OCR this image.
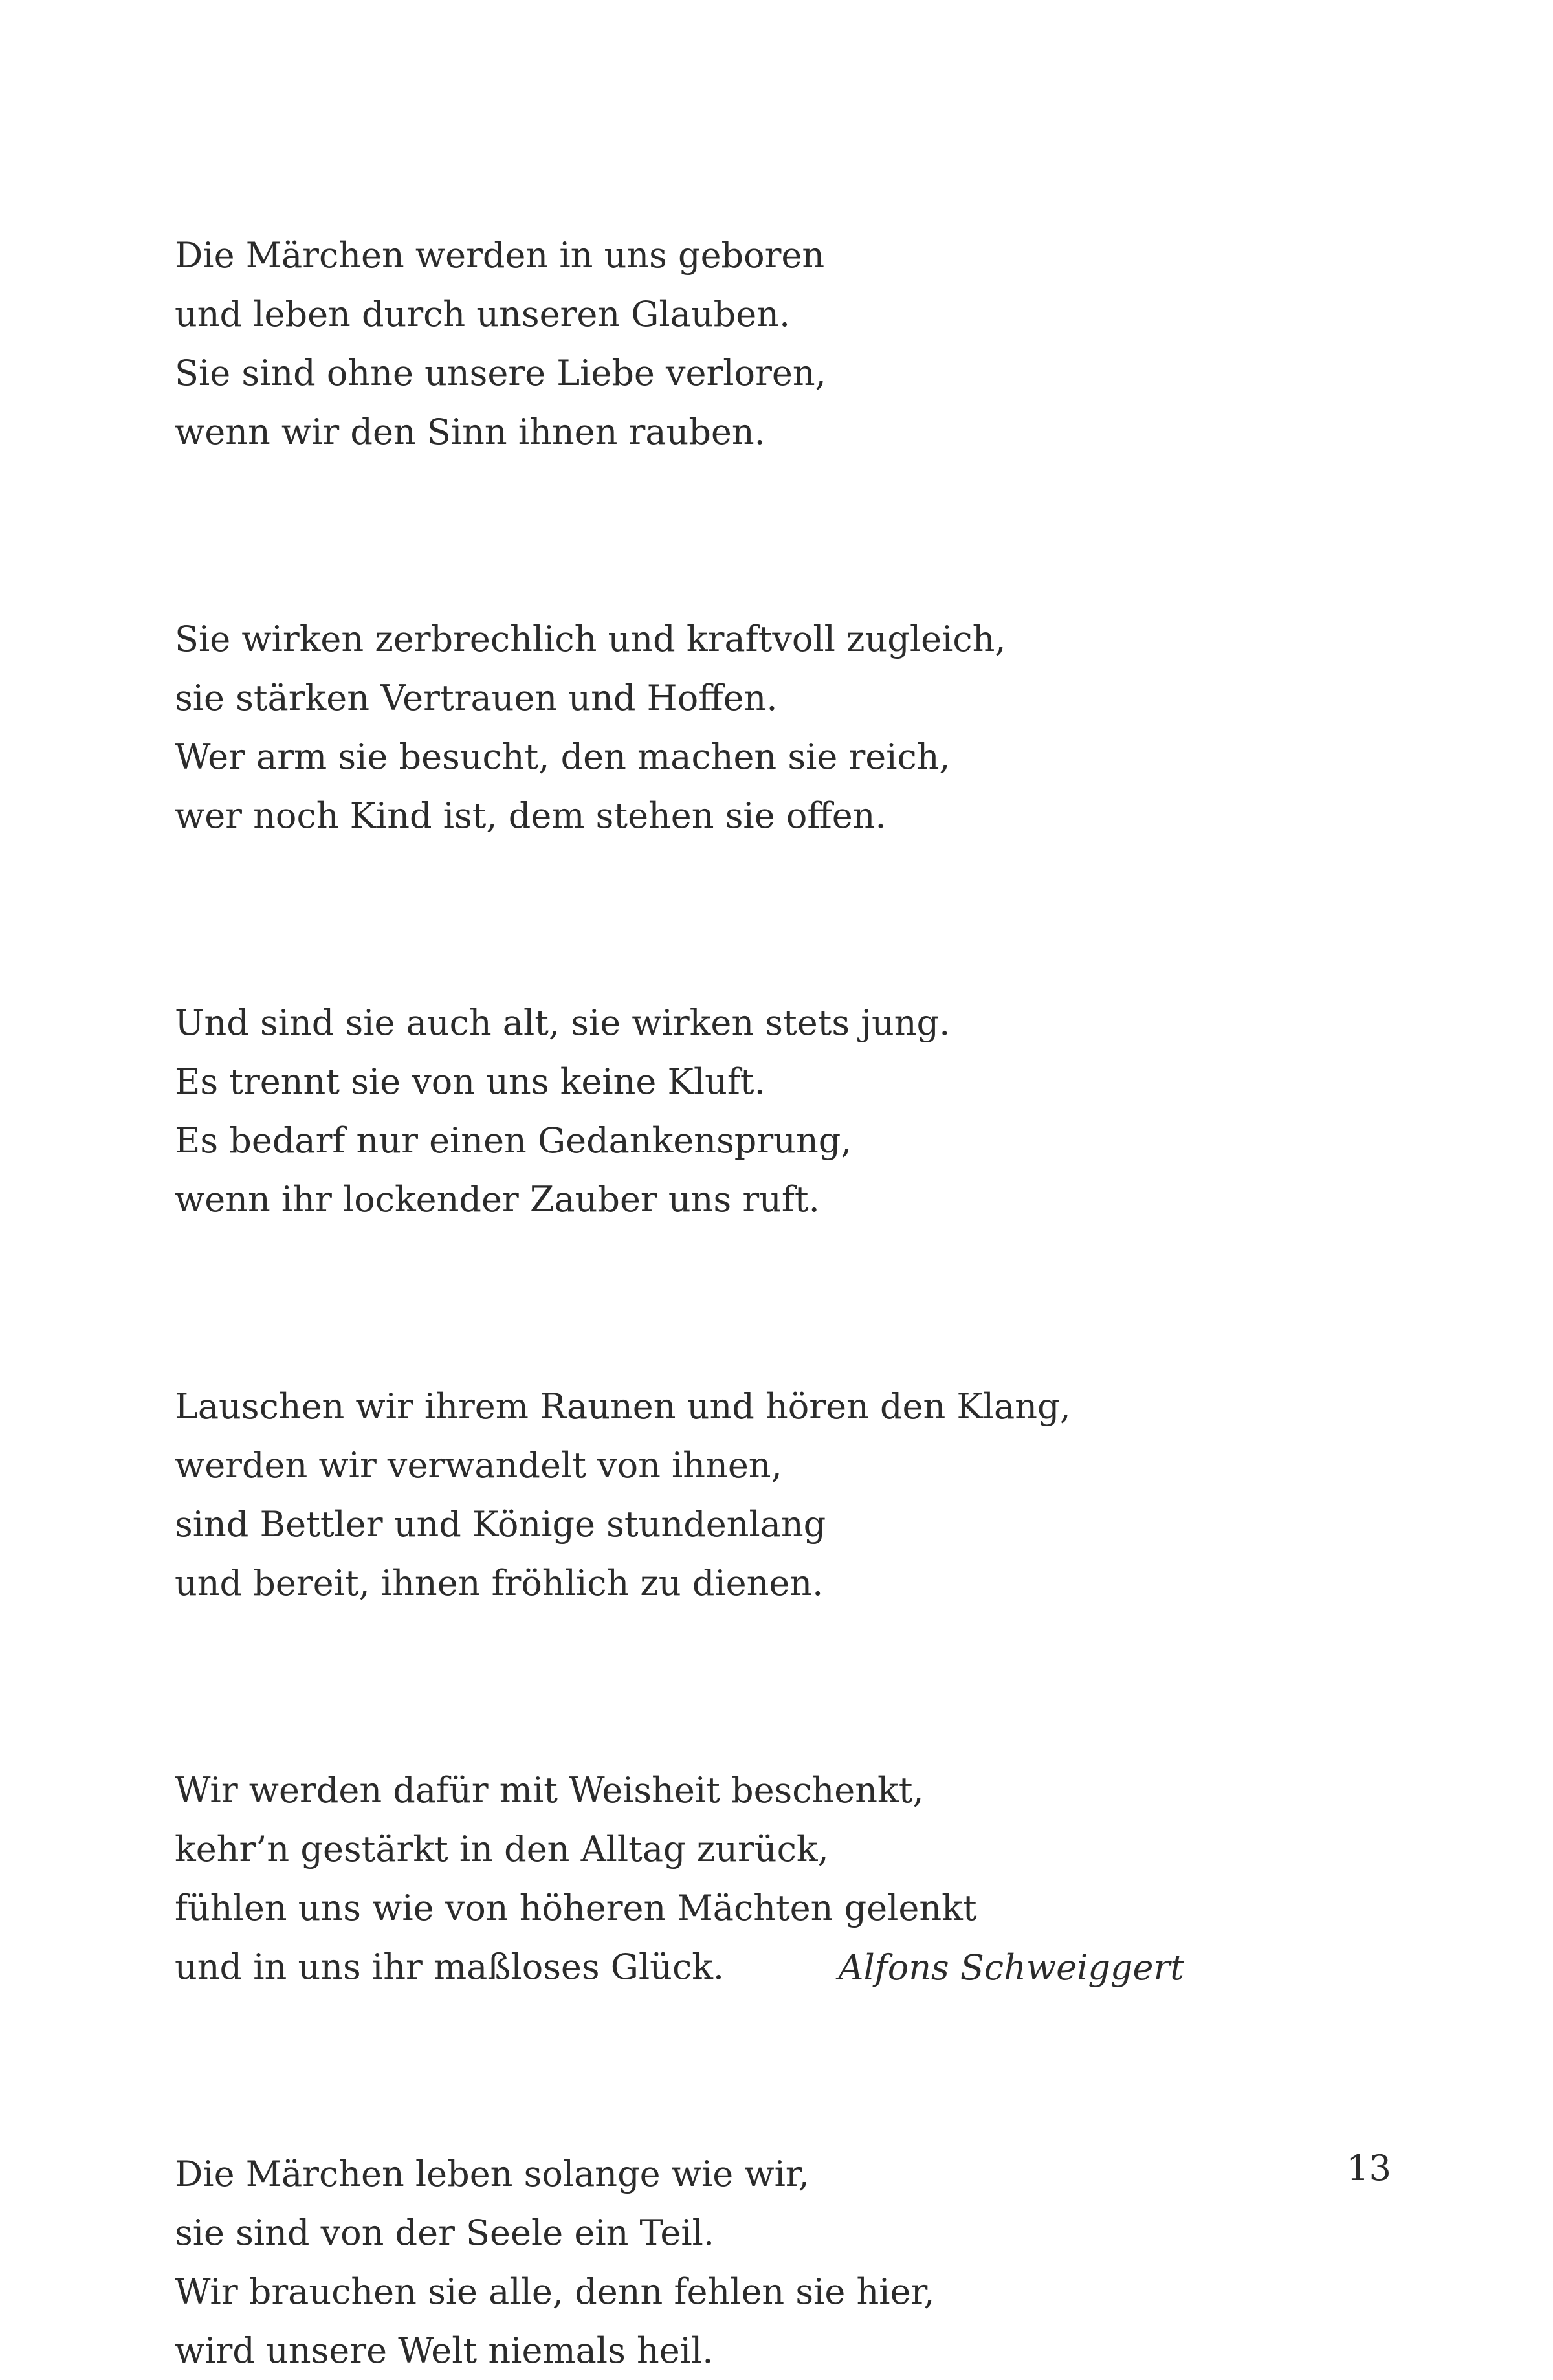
Die Märchen werden in uns geboren
und leben durch unseren Glauben.
Sie sind ohne unsere Liebe verloren,
wenn wir den Sinn ihnen rauben.
Sie wirken zerbrechlich und kraftvoll zugleich,
sie stärken Vertrauen und Hoffen.
Wer arm sie besucht, den machen sie reich,
wer noch Kind ist, dem stehen sie offen.
Und sind sie auch alt, sie wirken stets jung.
Es trennt sie von uns keine Kluft.
Es bedarf nur einen Gedankensprung,
wenn ihr lockender Zauber uns ruft.
Lauschen wir ihrem Raunen und hören den Klang,
werden wir verwandelt von ihnen,
sind Bettler und Könige stundenlang
und bereit, ihnen fröhlich zu dienen.
Wir werden dafür mit Weisheit beschenkt,
kehr’n gestärkt in den Alltag zurück,
fühlen uns wie von höheren Mächten gelenkt
und in uns ihr maßloses Glück.
Die Märchen leben solange wie wir,
sie sind von der Seele ein Teil.
Wir brauchen sie alle, denn fehlen sie hier,
wird unsere Welt niemals heil.
Alfons Schweiggert
13
